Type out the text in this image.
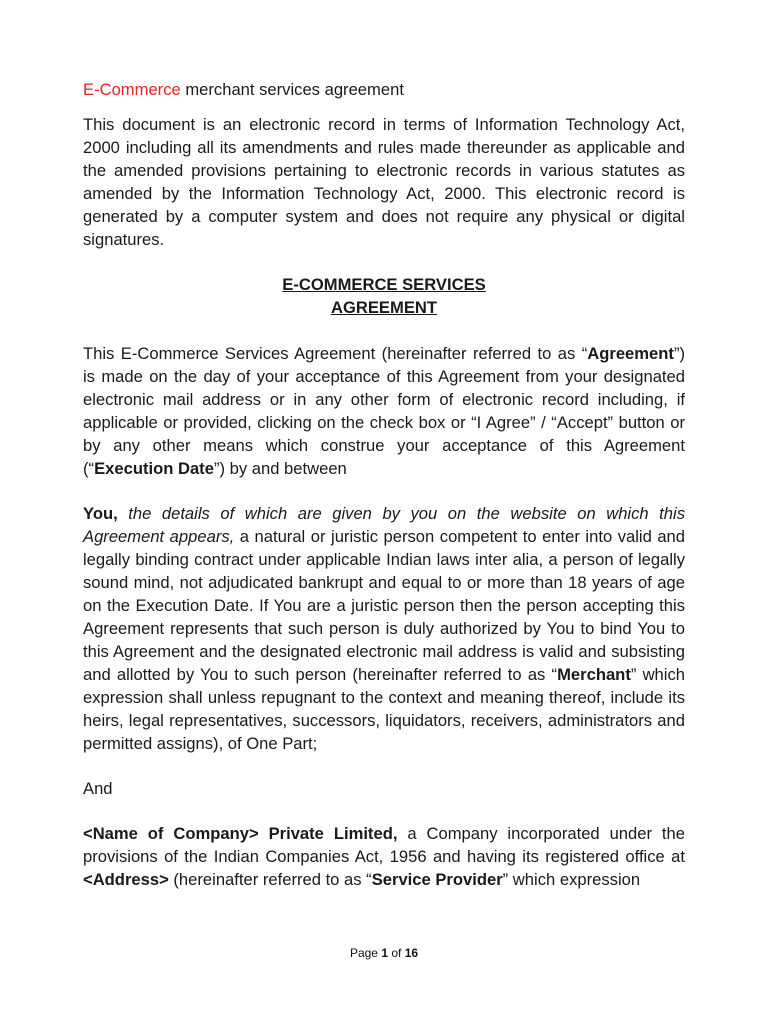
E-Commerce merchant services agreement

This document is an electronic record in terms of Information Technology Act, 2000 including all its amendments and rules made thereunder as applicable and the amended provisions pertaining to electronic records in various statutes as amended by the Information Technology Act, 2000. This electronic record is generated by a computer system and does not require any physical or digital signatures.

E-COMMERCE SERVICES

AGREEMENT

This E-Commerce Services Agreement (hereinafter referred to as “Agreement”) is made on the day of your acceptance of this Agreement from your designated electronic mail address or in any other form of electronic record including, if applicable or provided, clicking on the check box or “I Agree” / “Accept” button or by any other means which construe your acceptance of this Agreement (“Execution Date”) by and between

You, the details of which are given by you on the website on which this Agreement appears, a natural or juristic person competent to enter into valid and legally binding contract under applicable Indian laws inter alia, a person of legally sound mind, not adjudicated bankrupt and equal to or more than 18 years of age on the Execution Date. If You are a juristic person then the person accepting this Agreement represents that such person is duly authorized by You to bind You to this Agreement and the designated electronic mail address is valid and subsisting and allotted by You to such person (hereinafter referred to as “Merchant” which expression shall unless repugnant to the context and meaning thereof, include its heirs, legal representatives, successors, liquidators, receivers, administrators and permitted assigns), of One Part;

And

<Name of Company> Private Limited, a Company incorporated under the provisions of the Indian Companies Act, 1956 and having its registered office at <Address> (hereinafter referred to as “Service Provider” which expression

Page 1 of 16
